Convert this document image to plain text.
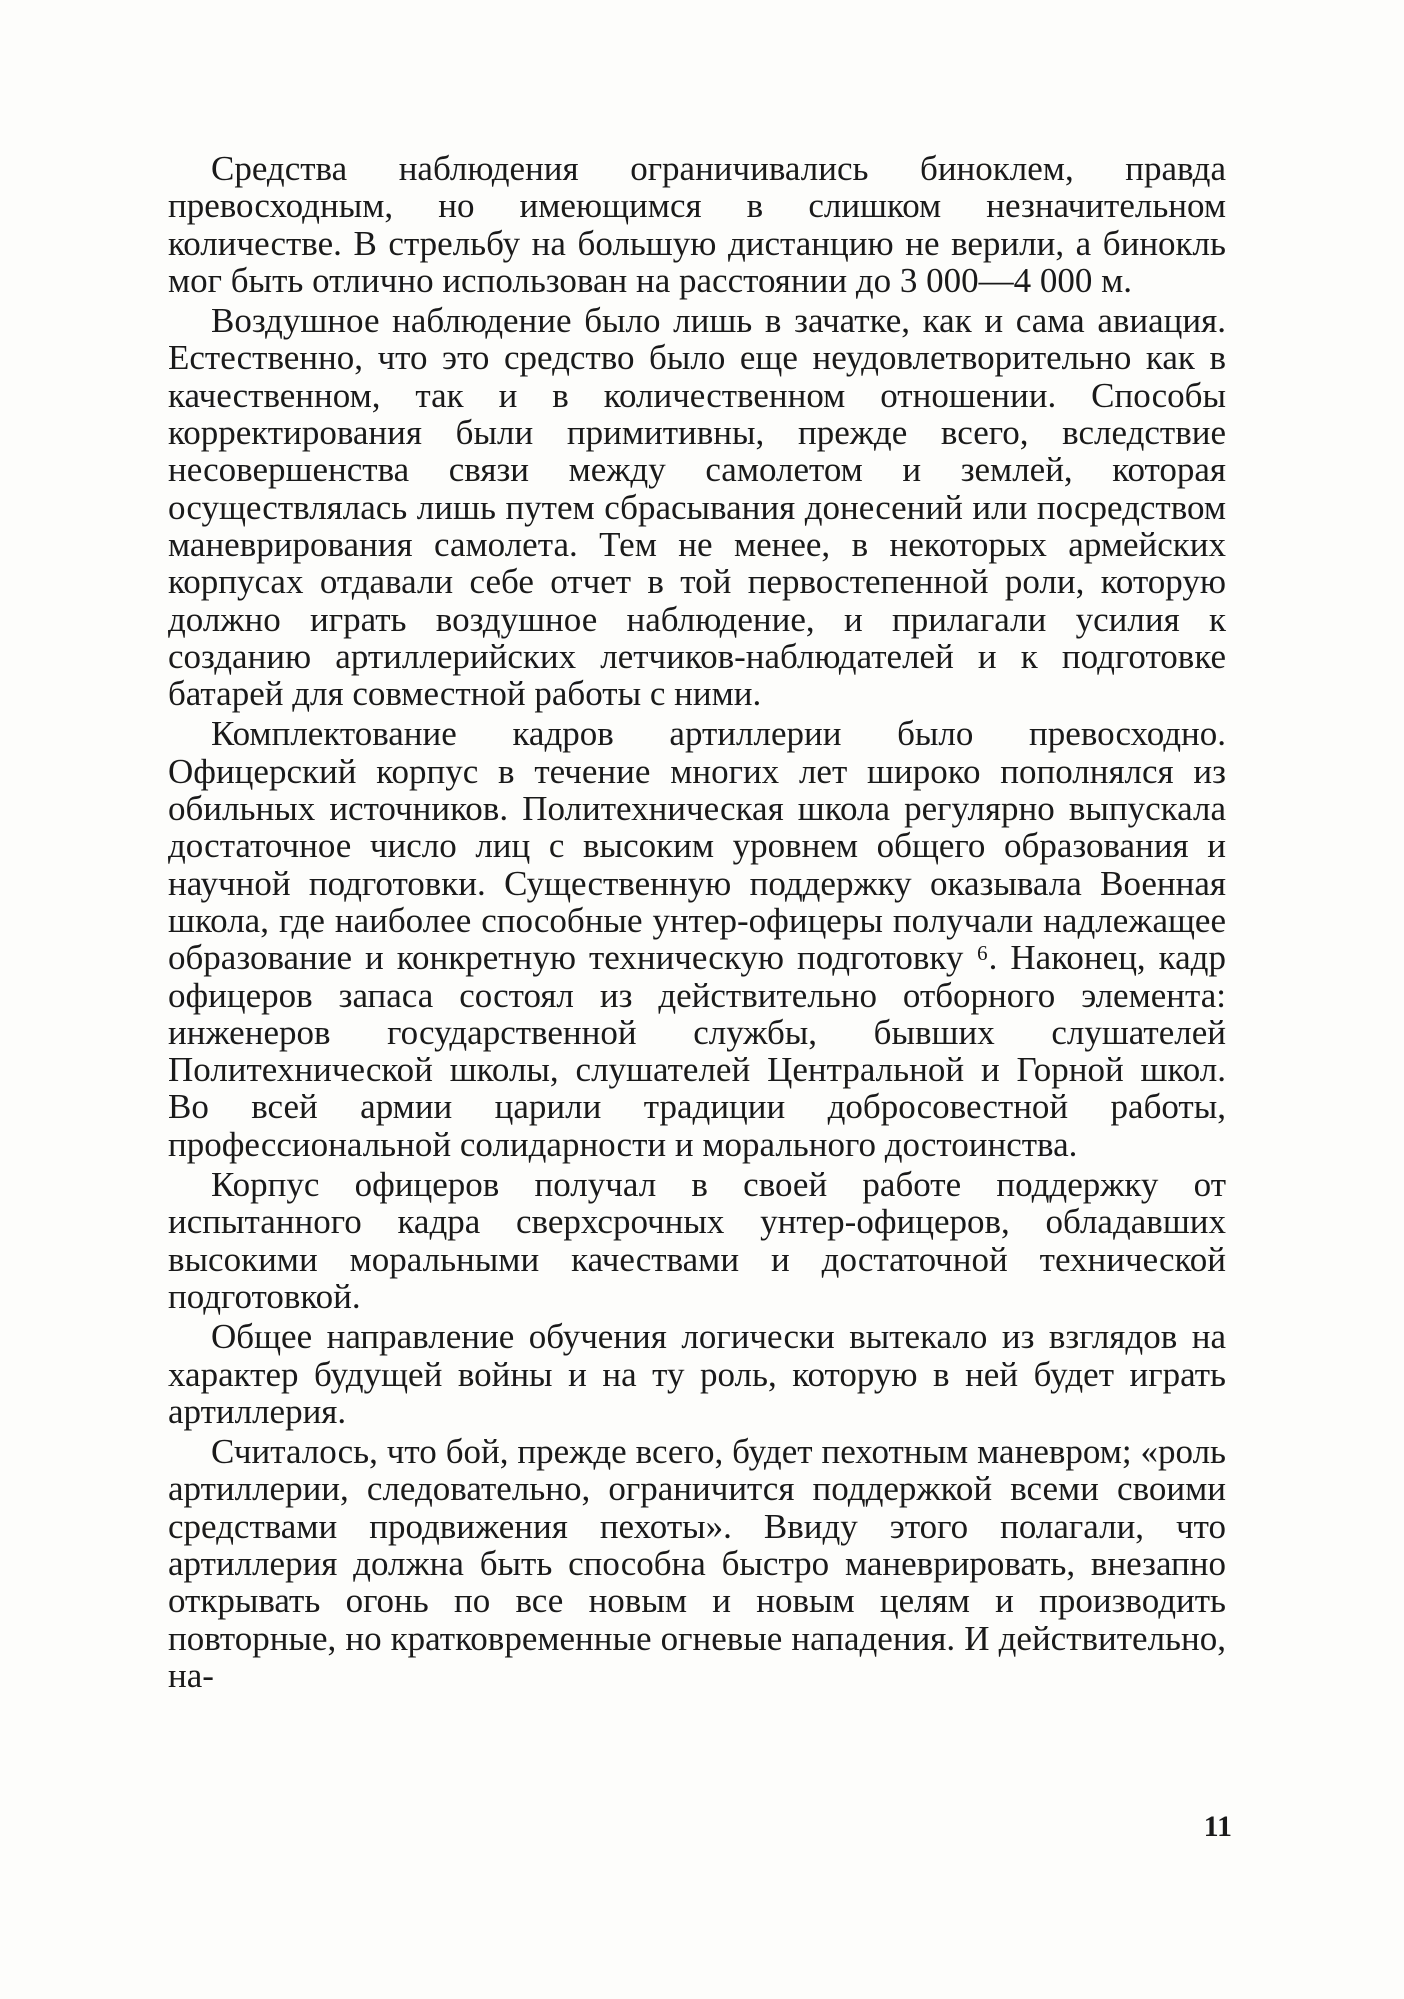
Средства наблюдения ограничивались биноклем, правда превосходным, но имеющимся в слишком незначительном количестве. В стрельбу на большую дистанцию не верили, а бинокль мог быть отлично использован на расстоянии до 3 000—4 000 м.

Воздушное наблюдение было лишь в зачатке, как и сама авиация. Естественно, что это средство было еще неудовлетворительно как в качественном, так и в количественном отношении. Способы корректирования были примитивны, прежде всего, вследствие несовершенства связи между самолетом и землей, которая осуществлялась лишь путем сбрасывания донесений или посредством маневрирования самолета. Тем не менее, в некоторых армейских корпусах отдавали себе отчет в той первостепенной роли, которую должно играть воздушное наблюдение, и прилагали усилия к созданию артиллерийских летчиков-наблюдателей и к подготовке батарей для совместной работы с ними.

Комплектование кадров артиллерии было превосходно. Офицерский корпус в течение многих лет широко пополнялся из обильных источников. Политехническая школа регулярно выпускала достаточное число лиц с высоким уровнем общего образования и научной подготовки. Существенную поддержку оказывала Военная школа, где наиболее способные унтер-офицеры получали надлежащее образование и конкретную техническую подготовку ⁶. Наконец, кадр офицеров запаса состоял из действительно отборного элемента: инженеров государственной службы, бывших слушателей Политехнической школы, слушателей Центральной и Горной школ. Во всей армии царили традиции добросовестной работы, профессиональной солидарности и морального достоинства.

Корпус офицеров получал в своей работе поддержку от испытанного кадра сверхсрочных унтер-офицеров, обладавших высокими моральными качествами и достаточной технической подготовкой.

Общее направление обучения логически вытекало из взглядов на характер будущей войны и на ту роль, которую в ней будет играть артиллерия.

Считалось, что бой, прежде всего, будет пехотным маневром; «роль артиллерии, следовательно, ограничится поддержкой всеми своими средствами продвижения пехоты». Ввиду этого полагали, что артиллерия должна быть способна быстро маневрировать, внезапно открывать огонь по все новым и новым целям и производить повторные, но кратковременные огневые нападения. И действительно, на-

11
